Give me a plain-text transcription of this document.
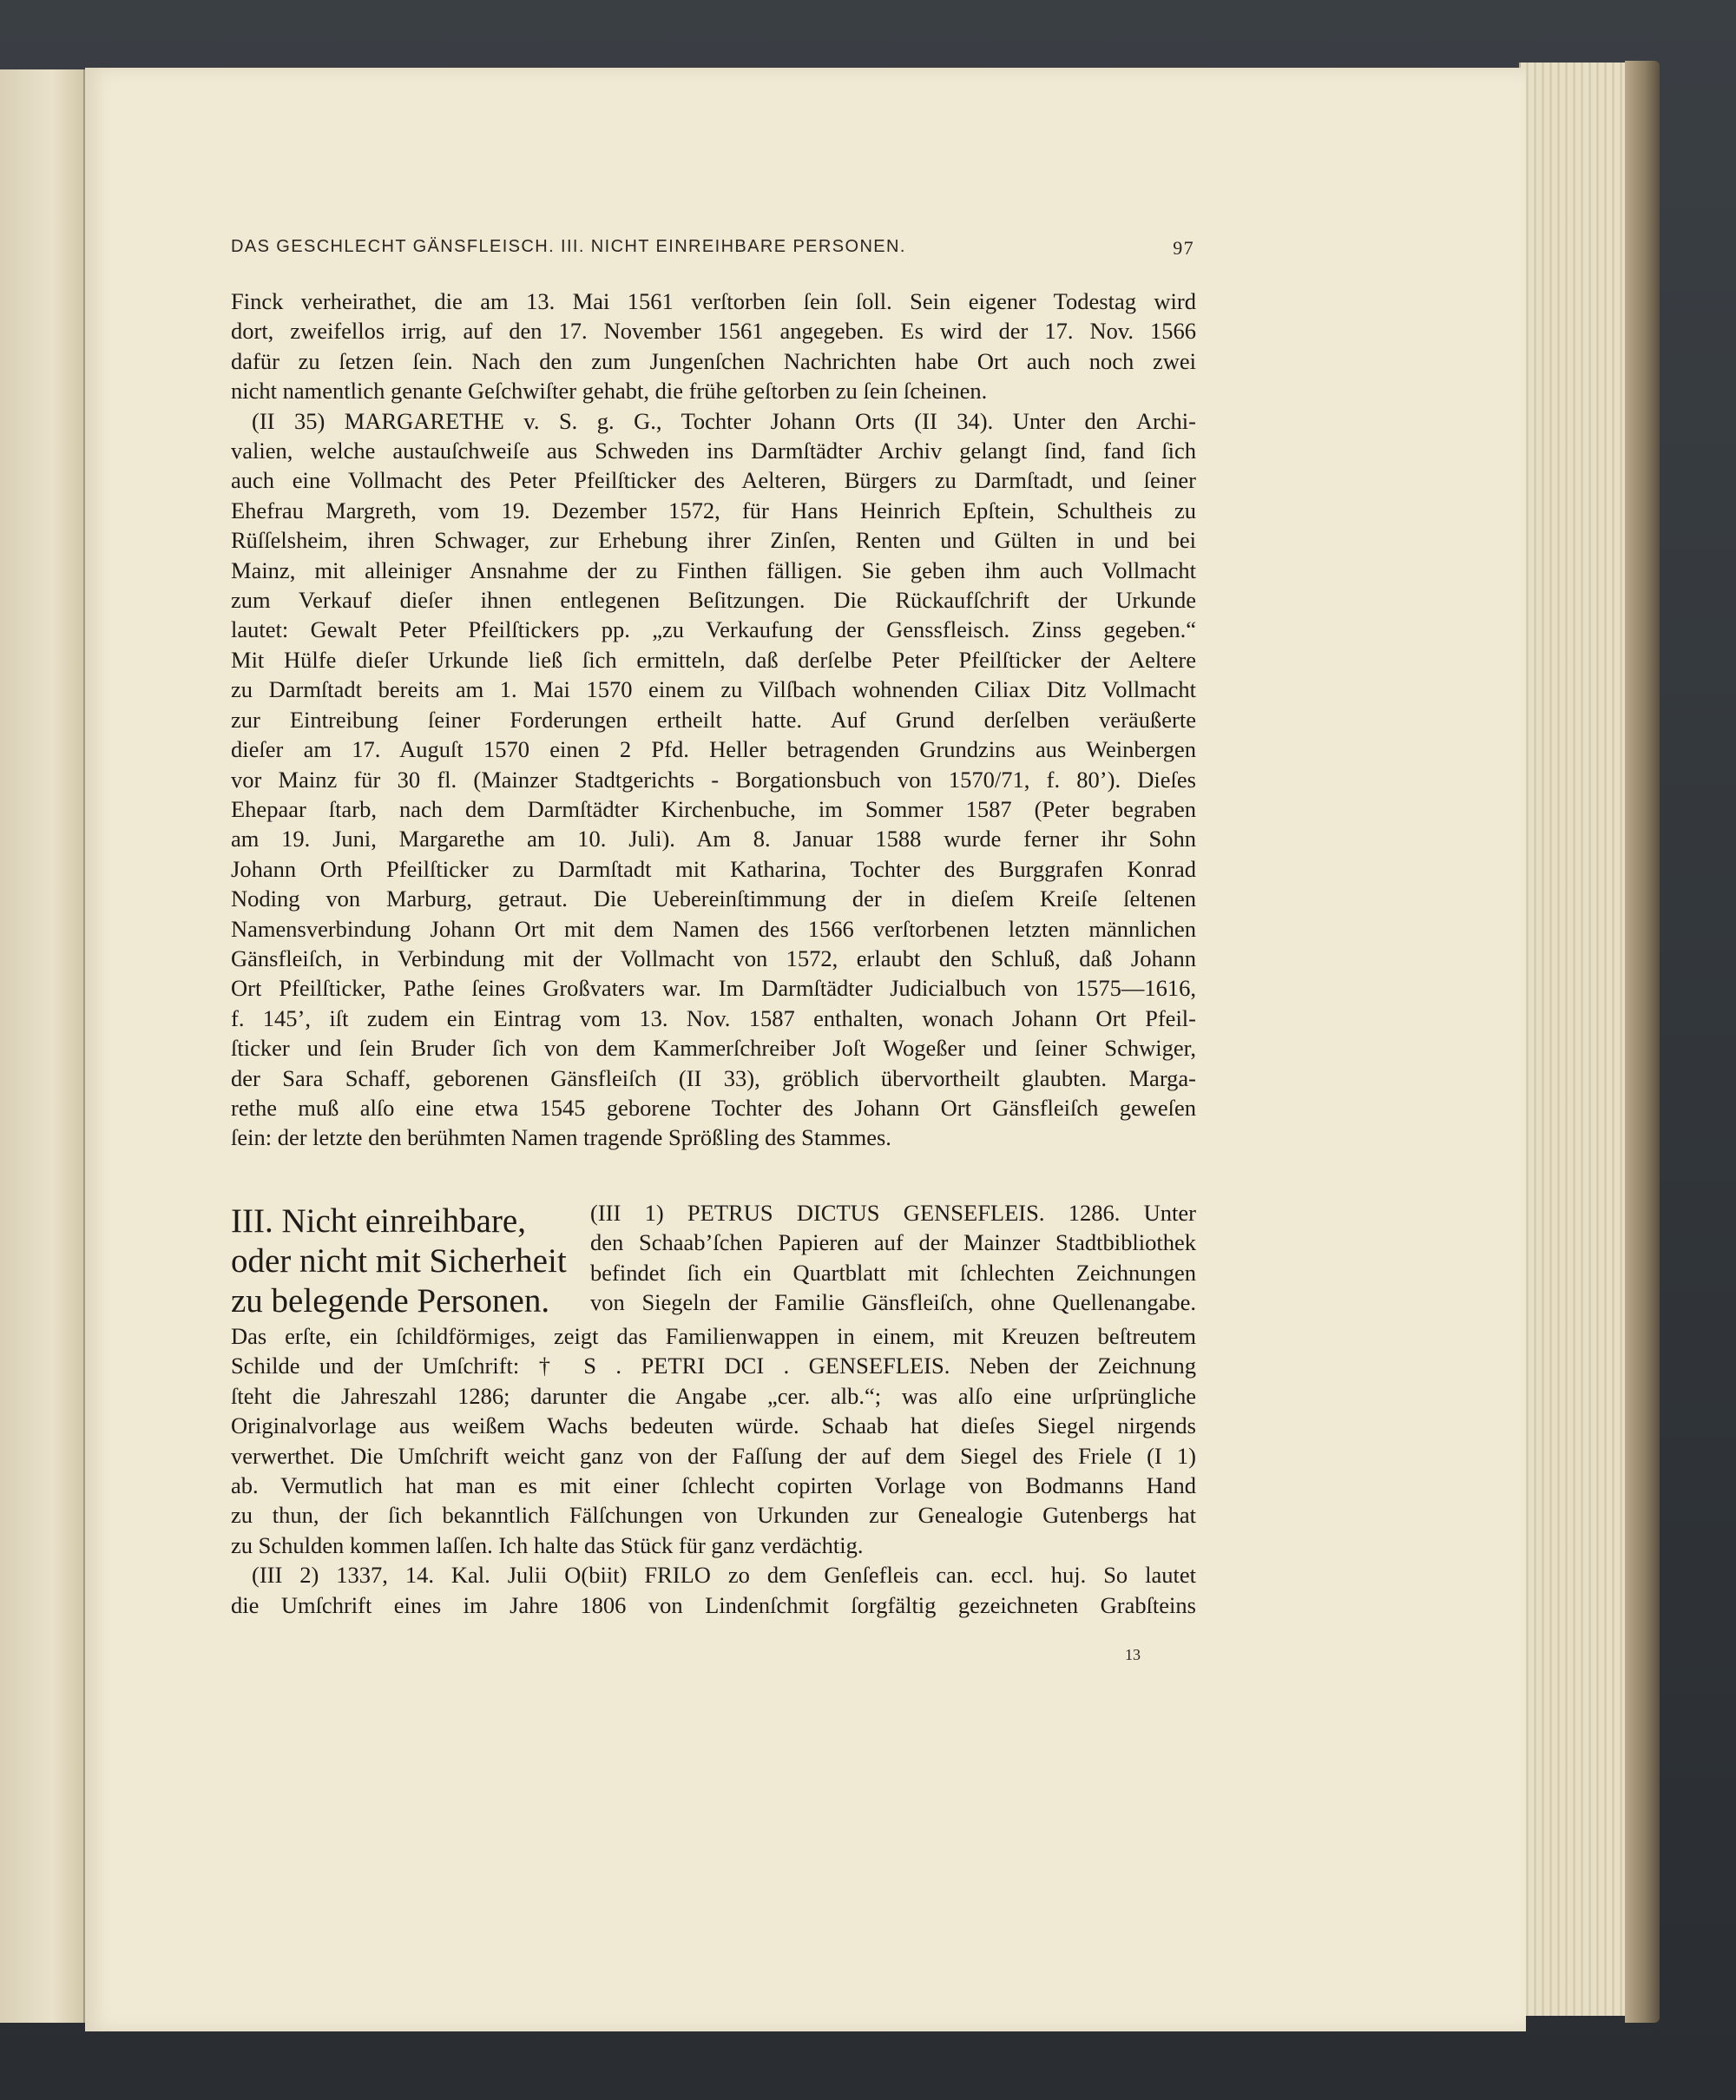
DAS GESCHLECHT GÄNSFLEISCH. III. NICHT EINREIHBARE PERSONEN.	97
Finck verheirathet, die am 13. Mai 1561 verſtorben ſein ſoll. Sein eigener Todestag wird
dort, zweifellos irrig, auf den 17. November 1561 angegeben. Es wird der 17. Nov. 1566
dafür zu ſetzen ſein. Nach den zum Jungenſchen Nachrichten habe Ort auch noch zwei
nicht namentlich genante Geſchwiſter gehabt, die frühe geſtorben zu ſein ſcheinen.
(II 35) MARGARETHE v. S. g. G., Tochter Johann Orts (II 34). Unter den Archi-
valien, welche austauſchweiſe aus Schweden ins Darmſtädter Archiv gelangt ſind, fand ſich
auch eine Vollmacht des Peter Pfeilſticker des Aelteren, Bürgers zu Darmſtadt, und ſeiner
Ehefrau Margreth, vom 19. Dezember 1572, für Hans Heinrich Epſtein, Schultheis zu
Rüſſelsheim, ihren Schwager, zur Erhebung ihrer Zinſen, Renten und Gülten in und bei
Mainz, mit alleiniger Ansnahme der zu Finthen fälligen. Sie geben ihm auch Vollmacht
zum Verkauf dieſer ihnen entlegenen Beſitzungen. Die Rückaufſchrift der Urkunde
lautet: Gewalt Peter Pfeilſtickers pp. „zu Verkaufung der Genssfleisch. Zinss gegeben.“
Mit Hülfe dieſer Urkunde ließ ſich ermitteln, daß derſelbe Peter Pfeilſticker der Aeltere
zu Darmſtadt bereits am 1. Mai 1570 einem zu Vilſbach wohnenden Ciliax Ditz Vollmacht
zur Eintreibung ſeiner Forderungen ertheilt hatte. Auf Grund derſelben veräußerte
dieſer am 17. Auguſt 1570 einen 2 Pfd. Heller betragenden Grundzins aus Weinbergen
vor Mainz für 30 fl. (Mainzer Stadtgerichts - Borgationsbuch von 1570/71, f. 80’). Dieſes
Ehepaar ſtarb, nach dem Darmſtädter Kirchenbuche, im Sommer 1587 (Peter begraben
am 19. Juni, Margarethe am 10. Juli). Am 8. Januar 1588 wurde ferner ihr Sohn
Johann Orth Pfeilſticker zu Darmſtadt mit Katharina, Tochter des Burggrafen Konrad
Noding von Marburg, getraut. Die Uebereinſtimmung der in dieſem Kreiſe ſeltenen
Namensverbindung Johann Ort mit dem Namen des 1566 verſtorbenen letzten männlichen
Gänsfleiſch, in Verbindung mit der Vollmacht von 1572, erlaubt den Schluß, daß Johann
Ort Pfeilſticker, Pathe ſeines Großvaters war. Im Darmſtädter Judicialbuch von 1575—1616,
f. 145’, iſt zudem ein Eintrag vom 13. Nov. 1587 enthalten, wonach Johann Ort Pfeil-
ſticker und ſein Bruder ſich von dem Kammerſchreiber Joſt Wogeßer und ſeiner Schwiger,
der Sara Schaff, geborenen Gänsfleiſch (II 33), gröblich übervortheilt glaubten. Marga-
rethe muß alſo eine etwa 1545 geborene Tochter des Johann Ort Gänsfleiſch geweſen
ſein: der letzte den berühmten Namen tragende Sprößling des Stammes.
III. Nicht einreihbare,
oder nicht mit Sicherheit
zu belegende Personen.
(III 1) PETRUS DICTUS GENSEFLEIS. 1286. Unter
den Schaab’ſchen Papieren auf der Mainzer Stadtbibliothek
befindet ſich ein Quartblatt mit ſchlechten Zeichnungen
von Siegeln der Familie Gänsfleiſch, ohne Quellenangabe.
Das erſte, ein ſchildförmiges, zeigt das Familienwappen in einem, mit Kreuzen beſtreutem
Schilde und der Umſchrift: † S . PETRI DCI . GENSEFLEIS. Neben der Zeichnung
ſteht die Jahreszahl 1286; darunter die Angabe „cer. alb.“; was alſo eine urſprüngliche
Originalvorlage aus weißem Wachs bedeuten würde. Schaab hat dieſes Siegel nirgends
verwerthet. Die Umſchrift weicht ganz von der Faſſung der auf dem Siegel des Friele (I 1)
ab. Vermutlich hat man es mit einer ſchlecht copirten Vorlage von Bodmanns Hand
zu thun, der ſich bekanntlich Fälſchungen von Urkunden zur Genealogie Gutenbergs hat
zu Schulden kommen laſſen. Ich halte das Stück für ganz verdächtig.
(III 2) 1337, 14. Kal. Julii O(biit) FRILO zo dem Genſefleis can. eccl. huj. So lautet
die Umſchrift eines im Jahre 1806 von Lindenſchmit ſorgfältig gezeichneten Grabſteins
13
